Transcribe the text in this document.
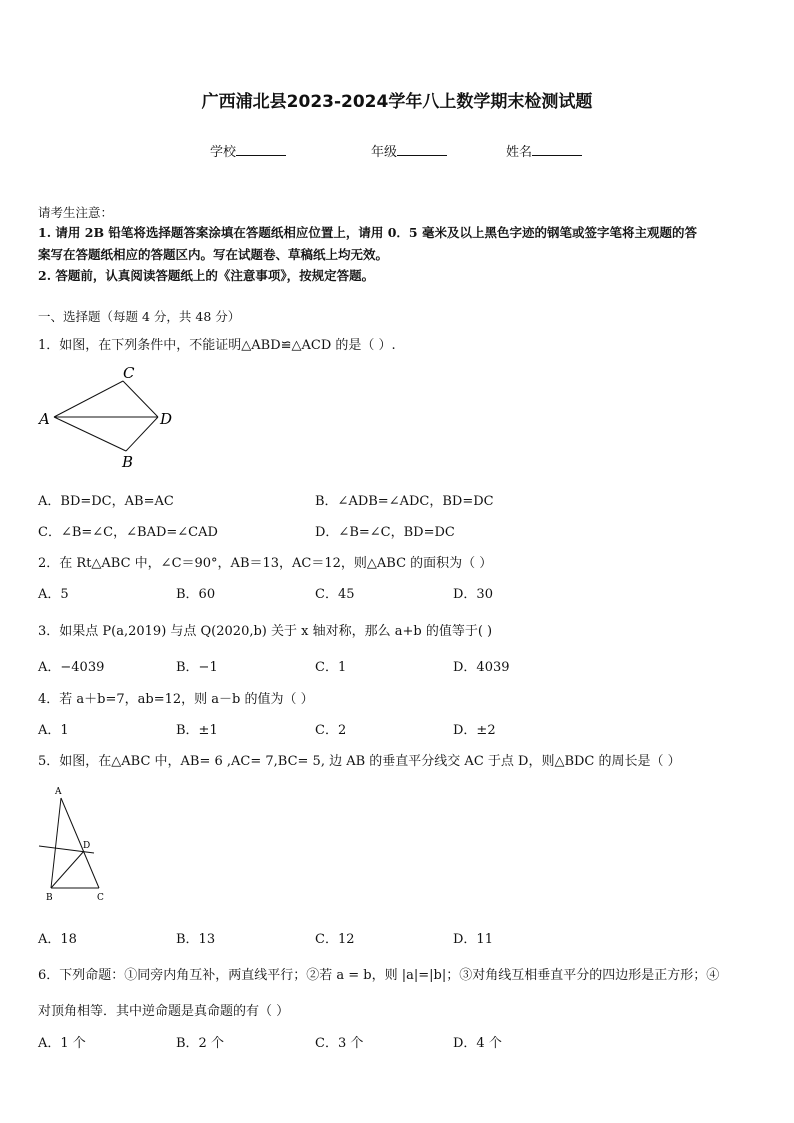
广西浦北县2023-2024学年八上数学期末检测试题
学校	年级	姓名
请考生注意：
1. 请用 2B 铅笔将选择题答案涂填在答题纸相应位置上，请用 0．5 毫米及以上黑色字迹的钢笔或签字笔将主观题的答
案写在答题纸相应的答题区内。写在试题卷、草稿纸上均无效。
2. 答题前，认真阅读答题纸上的《注意事项》，按规定答题。
一、选择题（每题 4 分，共 48 分）
1．如图，在下列条件中，不能证明△ABD≌△ACD 的是（ ）.
A
B
C
D
A．BD=DC，AB=AC	B．∠ADB=∠ADC，BD=DC
C．∠B=∠C，∠BAD=∠CAD	D．∠B=∠C，BD=DC
2．在 Rt△ABC 中，∠C＝90°，AB＝13，AC＝12，则△ABC 的面积为（ ）
A．5	B．60	C．45	D．30
3．如果点 P(a,2019) 与点 Q(2020,b) 关于 x 轴对称，那么 a+b 的值等于( )
A．−4039	B．−1	C．1	D．4039
4．若 a＋b=7，ab=12，则 a－b 的值为（ ）
A．1	B．±1	C．2	D．±2
5．如图，在△ABC 中，AB= 6 ,AC= 7,BC= 5, 边 AB 的垂直平分线交 AC 于点 D，则△BDC 的周长是（ ）
A
B	C
D
A．18	B．13	C．12	D．11
6．下列命题：①同旁内角互补，两直线平行；②若 a = b，则 |a|=|b|；③对角线互相垂直平分的四边形是正方形；④
对顶角相等．其中逆命题是真命题的有（ ）
A．1 个	B．2 个	C．3 个	D．4 个
